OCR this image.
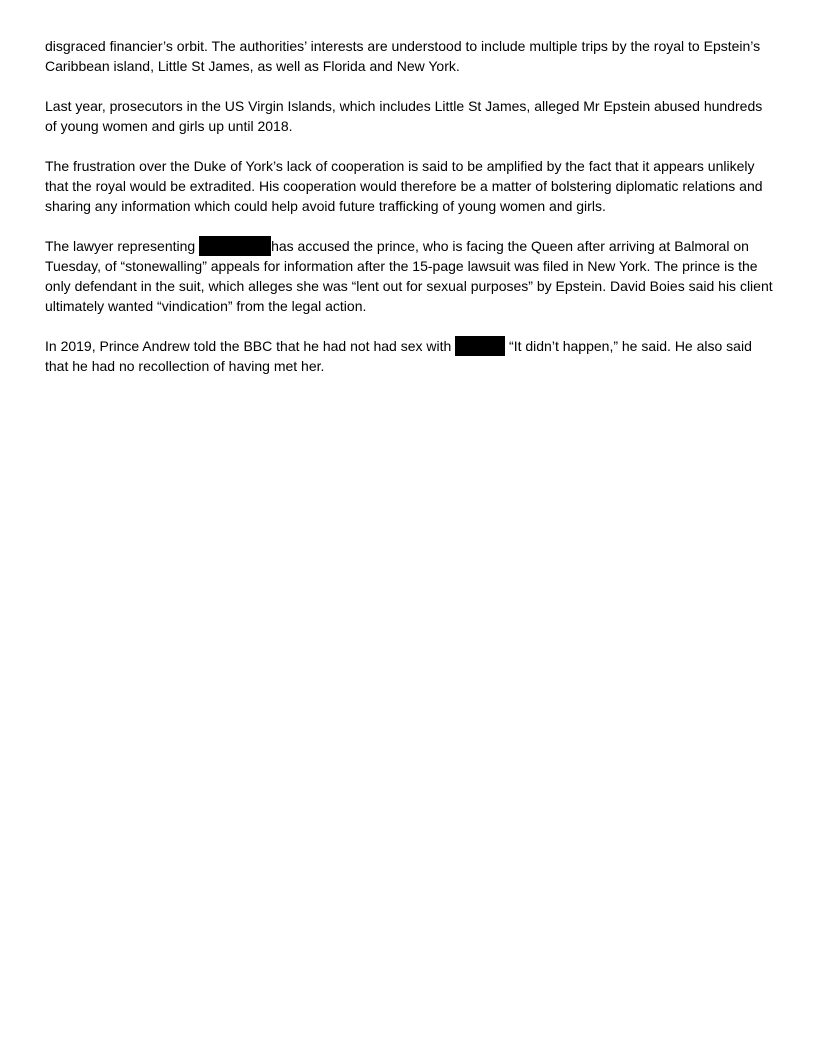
disgraced financier’s orbit. The authorities’ interests are understood to include multiple trips by the royal to Epstein’s Caribbean island, Little St James, as well as Florida and New York.

Last year, prosecutors in the US Virgin Islands, which includes Little St James, alleged Mr Epstein abused hundreds of young women and girls up until 2018.

The frustration over the Duke of York’s lack of cooperation is said to be amplified by the fact that it appears unlikely that the royal would be extradited. His cooperation would therefore be a matter of bolstering diplomatic relations and sharing any information which could help avoid future trafficking of young women and girls.

The lawyer representing	has accused the prince, who is facing the Queen after arriving at Balmoral on Tuesday, of “stonewalling” appeals for information after the 15-page lawsuit was filed in New York. The prince is the only defendant in the suit, which alleges she was “lent out for sexual purposes” by Epstein. David Boies said his client ultimately wanted “vindication” from the legal action.

In 2019, Prince Andrew told the BBC that he had not had sex with	“It didn’t happen,” he said. He also said that he had no recollection of having met her.
